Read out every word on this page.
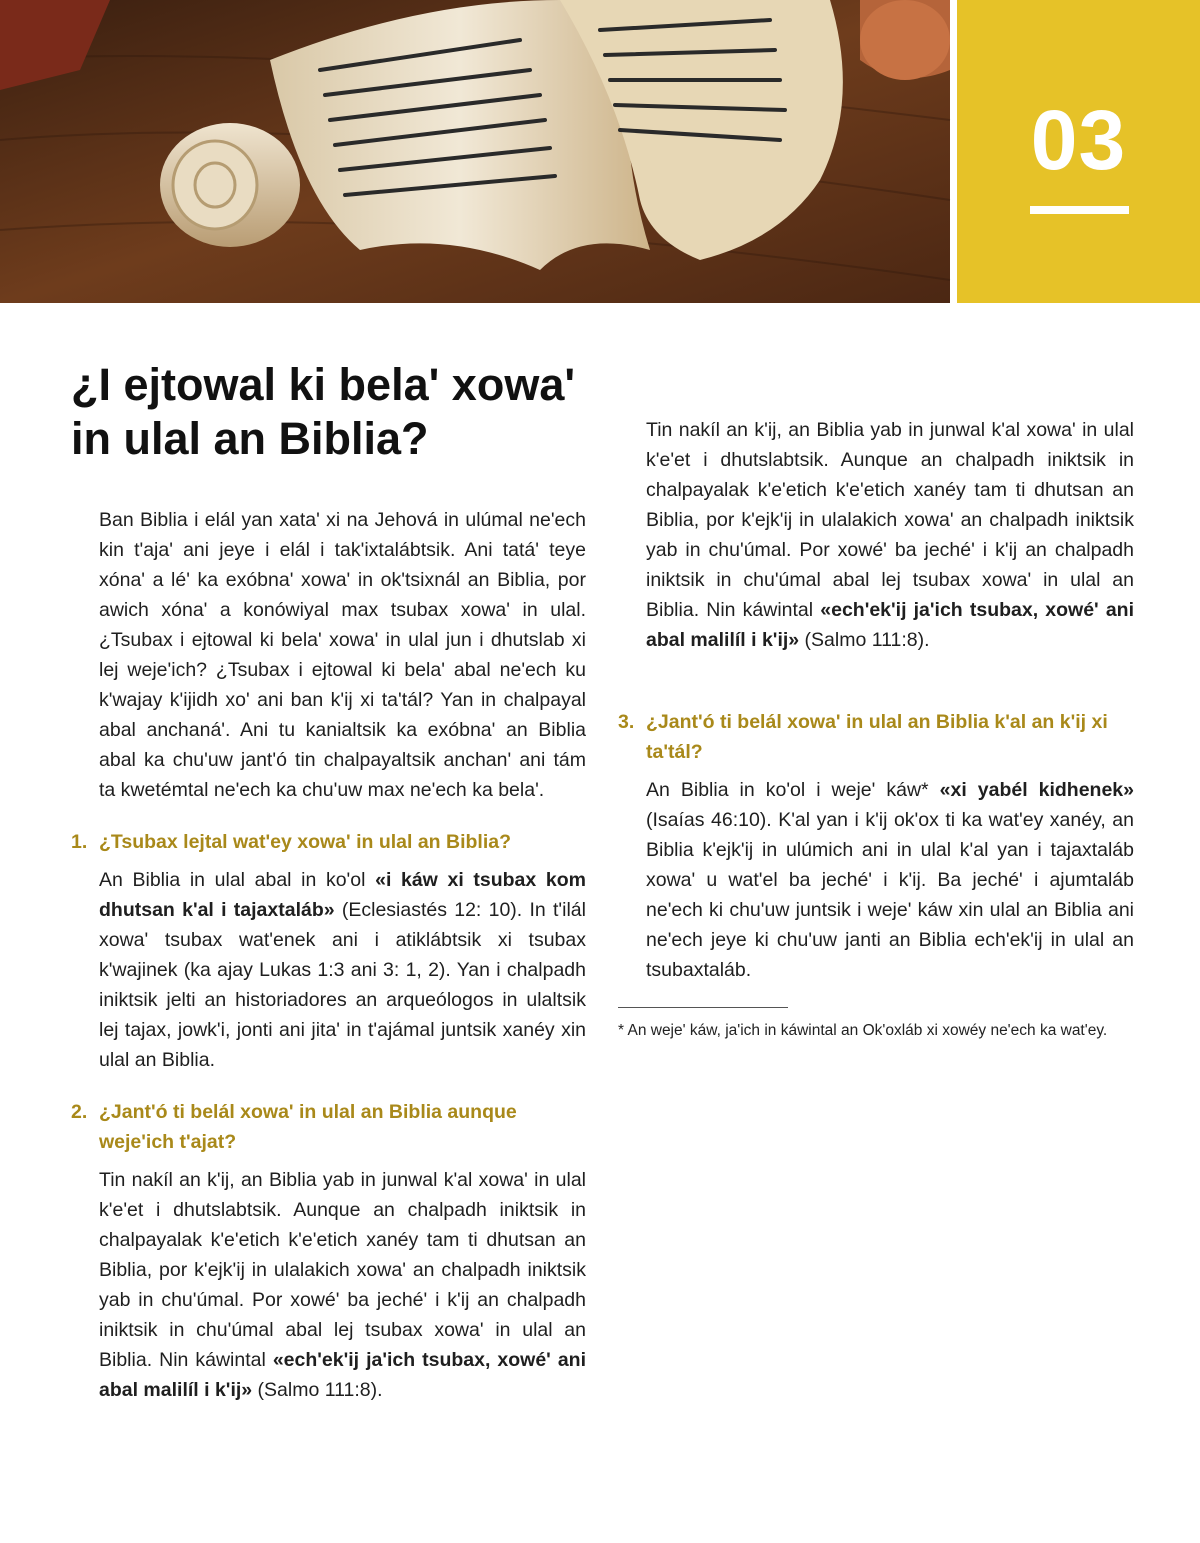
03
¿I ejtowal ki bela' xowa'
in ulal an Biblia?

Ban Biblia i elál yan xata' xi na Jehová in ulúmal ne'ech kin t'aja' ani jeye i elál i tak'ixtalábtsik. Ani tatá' teye xóna' a lé' ka exóbna' xowa' in ok'tsixnál an Biblia, por awich xóna' a konówiyal max tsubax xowa' in ulal. ¿Tsubax i ejtowal ki bela' xowa' in ulal jun i dhutslab xi lej weje'ich? ¿Tsubax i ejtowal ki bela' abal ne'ech ku k'wajay k'ijidh xo' ani ban k'ij xi ta'tál? Yan in chalpayal abal anchaná'. Ani tu kanialtsik ka exóbna' an Biblia abal ka chu'uw jant'ó tin chalpayaltsik anchan' ani tám ta kwetémtal ne'ech ka chu'uw max ne'ech ka bela'.

1. ¿Tsubax lejtal wat'ey xowa' in ulal an Biblia?

An Biblia in ulal abal in ko'ol «i káw xi tsubax kom dhutsan k'al i tajaxtaláb» (Eclesiastés 12: 10). In t'ilál xowa' tsubax wat'enek ani i atiklábtsik xi tsubax k'wajinek (ka ajay Lukas 1:3 ani 3: 1, 2). Yan i chalpadh iniktsik jelti an historiadores an arqueólogos in ulaltsik lej tajax, jowk'i, jonti ani jita' in t'ajámal juntsik xanéy xin ulal an Biblia.

2. ¿Jant'ó ti belál xowa' in ulal an Biblia aunque weje'ich t'ajat?

Tin nakíl an k'ij, an Biblia yab in junwal k'al xowa' in ulal k'e'et i dhutslabtsik. Aunque an chalpadh iniktsik in chalpayalak k'e'etich k'e'etich xanéy tam ti dhutsan an Biblia, por k'ejk'ij in ulalakich xowa' an chalpadh iniktsik yab in chu'úmal. Por xowé' ba jeché' i k'ij an chalpadh iniktsik in chu'úmal abal lej tsubax xowa' in ulal an Biblia. Nin káwintal «ech'ek'ij ja'ich tsubax, xowé' ani abal malilíl i k'ij» (Salmo 111:8).

Tin nakíl an k'ij, an Biblia yab in junwal k'al xowa' in ulal k'e'et i dhutslabtsik. Aunque an chalpadh iniktsik in chalpayalak k'e'etich k'e'etich xanéy tam ti dhutsan an Biblia, por k'ejk'ij in ulalakich xowa' an chalpadh iniktsik yab in chu'úmal. Por xowé' ba jeché' i k'ij an chalpadh iniktsik in chu'úmal abal lej tsubax xowa' in ulal an Biblia. Nin káwintal «ech'ek'ij ja'ich tsubax, xowé' ani abal malilíl i k'ij» (Salmo 111:8).

3. ¿Jant'ó ti belál xowa' in ulal an Biblia k'al an k'ij xi ta'tál?

An Biblia in ko'ol i weje' káw* «xi yabél kidhenek» (Isaías 46:10). K'al yan i k'ij ok'ox ti ka wat'ey xanéy, an Biblia k'ejk'ij in ulúmich ani in ulal k'al yan i tajaxtaláb xowa' u wat'el ba jeché' i k'ij. Ba jeché' i ajumtaláb ne'ech ki chu'uw juntsik i weje' káw xin ulal an Biblia ani ne'ech jeye ki chu'uw janti an Biblia ech'ek'ij in ulal an tsubaxtaláb.

* An weje' káw, ja'ich in káwintal an Ok'oxláb xi xowéy ne'ech ka wat'ey.
